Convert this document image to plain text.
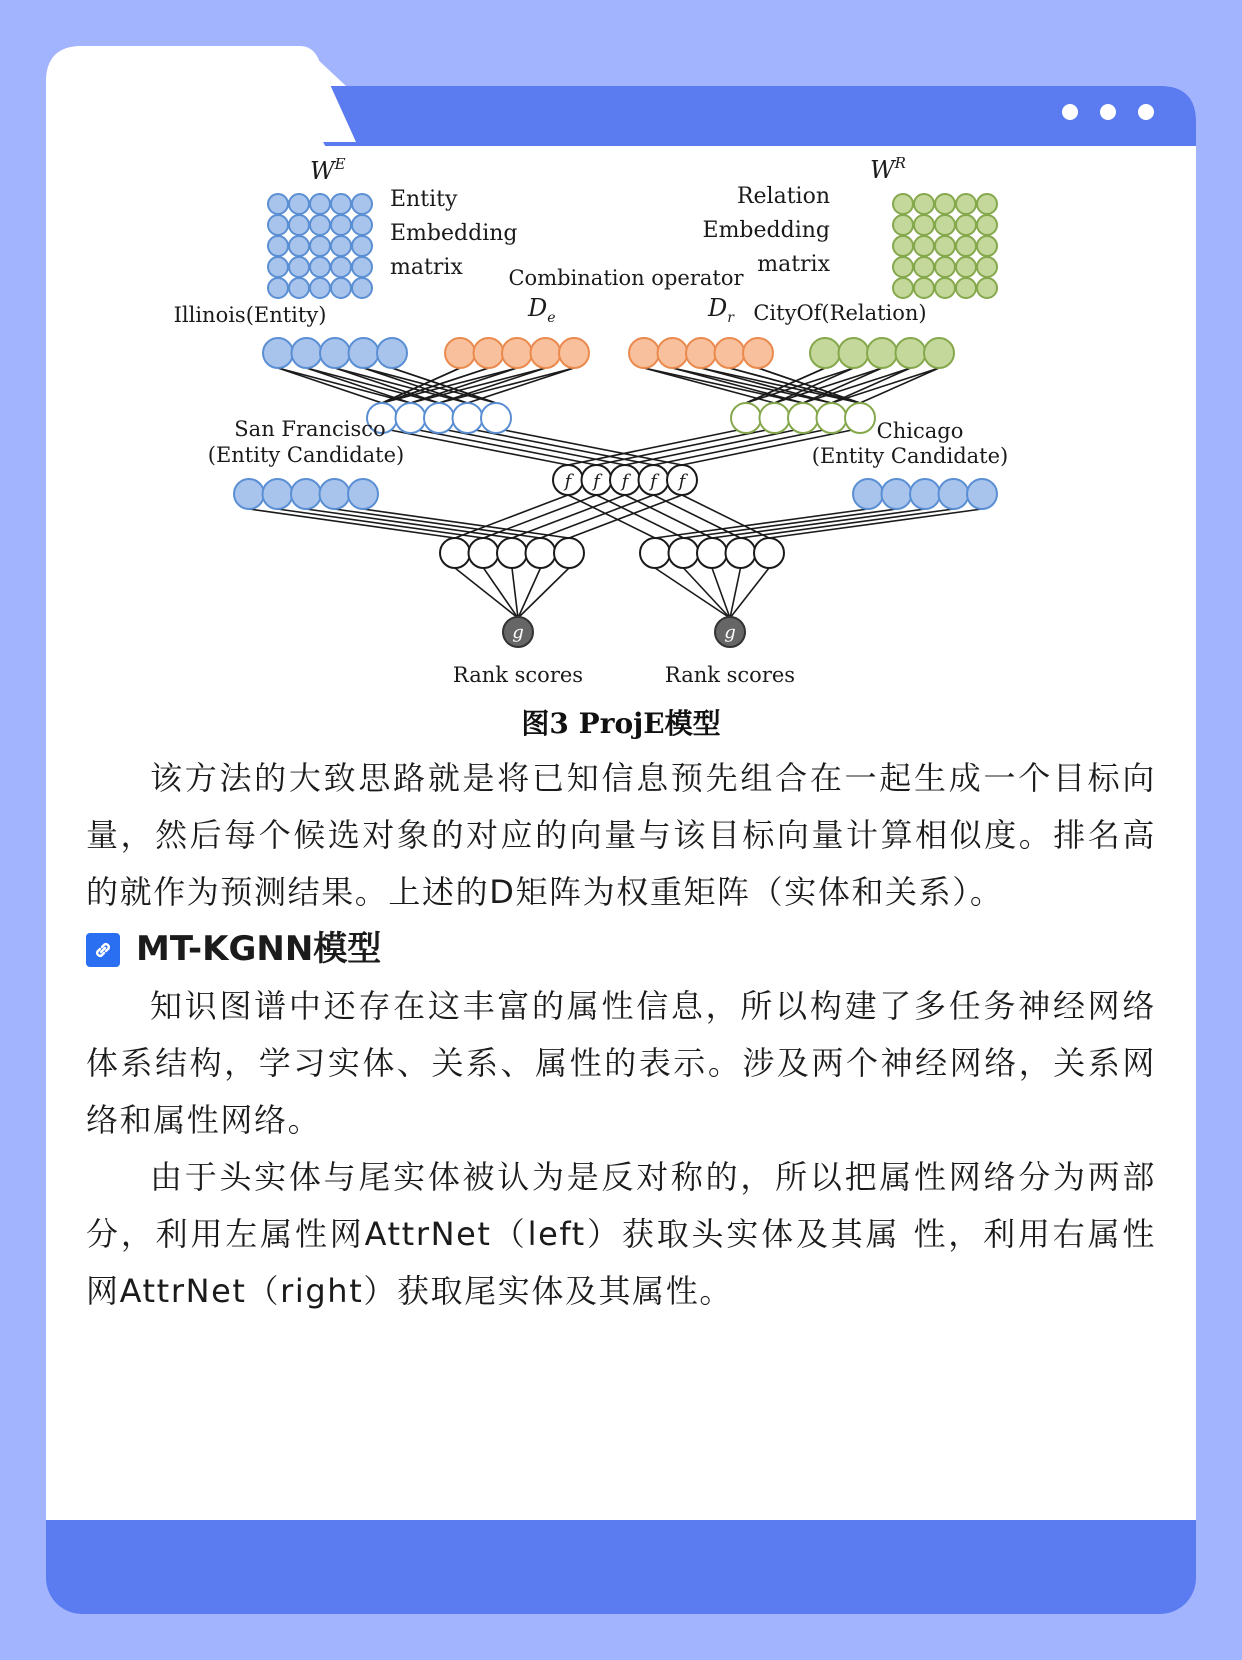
f f f f f
g	g
$W^E$
Entity
Embedding
matrix
$W^R$
Relation
Embedding
matrix
Combination operator
$D_e$	$D_r$
Illinois(Entity)	CityOf(Relation)
San Francisco
(Entity Candidate)
Chicago
(Entity Candidate)
Rank scores	Rank scores
图3 ProjE模型

该方法的大致思路就是将已知信息预先组合在一起生成一个目标向量，然后每个候选对象的对应的向量与该目标向量计算相似度。排名高的就作为预测结果。上述的D矩阵为权重矩阵（实体和关系）。

MT-KGNN模型

知识图谱中还存在这丰富的属性信息，所以构建了多任务神经网络体系结构，学习实体、关系、属性的表示。涉及两个神经网络，关系网络和属性网络。

由于头实体与尾实体被认为是反对称的，所以把属性网络分为两部分，利用左属性网AttrNet（left）获取头实体及其属 性，利用右属性网AttrNet（right）获取尾实体及其属性。
